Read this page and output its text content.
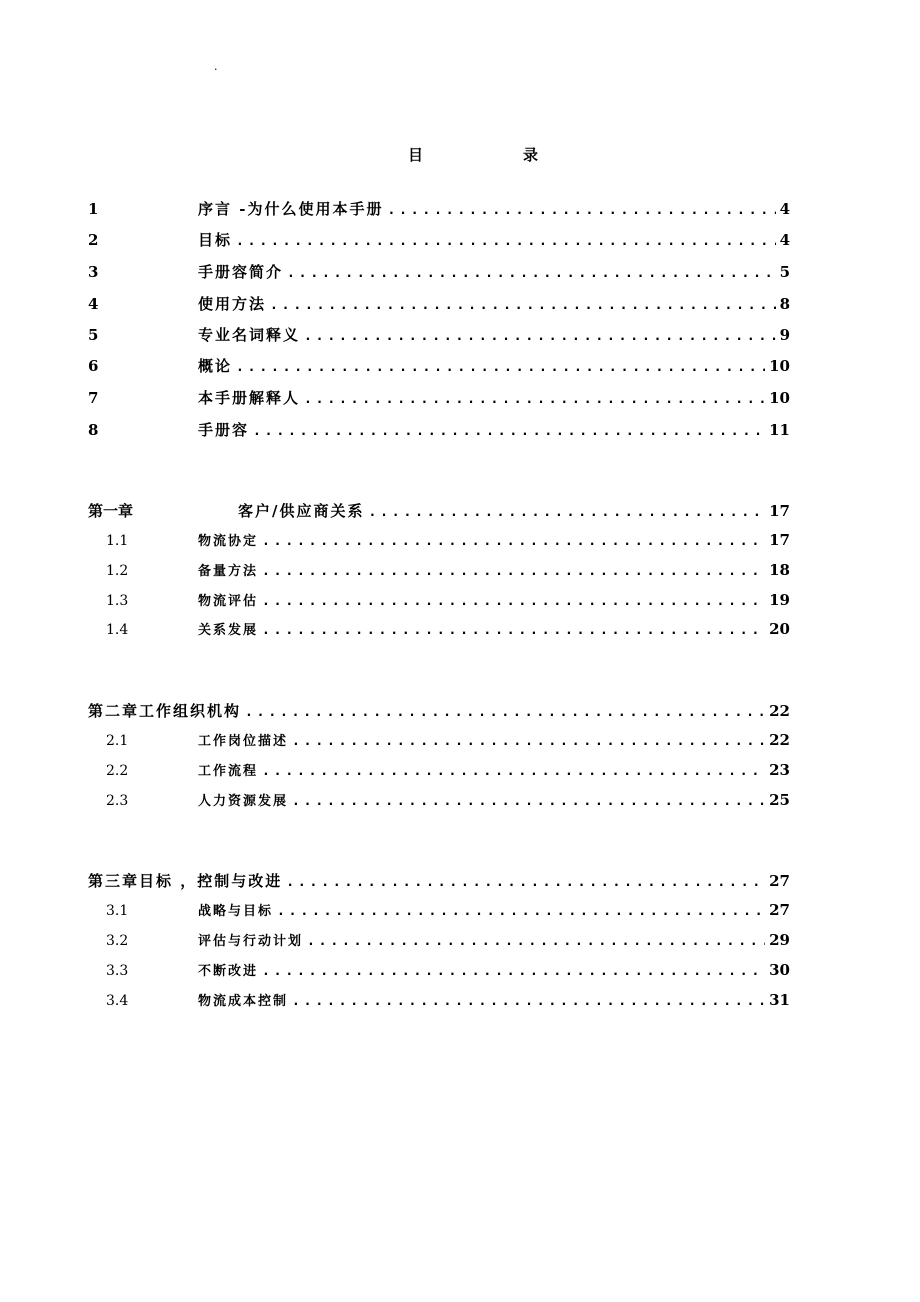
.
目	录
1	序言 -为什么使用本手册 . . .	4
2	目标 . . .	4
3	手册容简介 . . .	5
4	使用方法 . . .	8
5	专业名词释义 . . .	9
6	概论 . . .	10
7	本手册解释人 . . .	10
8	手册容 . . .	11
第一章	客户/供应商关系 . . .	17
1.1	物流协定 . . .	17
1.2	备量方法 . . .	18
1.3	物流评估 . . .	19
1.4	关系发展 . . .	20
第二章工作组织机构 . . .	22
2.1	工作岗位描述 . . .	22
2.2	工作流程 . . .	23
2.3	人力资源发展 . . .	25
第三章目标 ，控制与改进 . . .	27
3.1	战略与目标 . . .	27
3.2	评估与行动计划 . . .	29
3.3	不断改进 . . .	30
3.4	物流成本控制 . . .	31
